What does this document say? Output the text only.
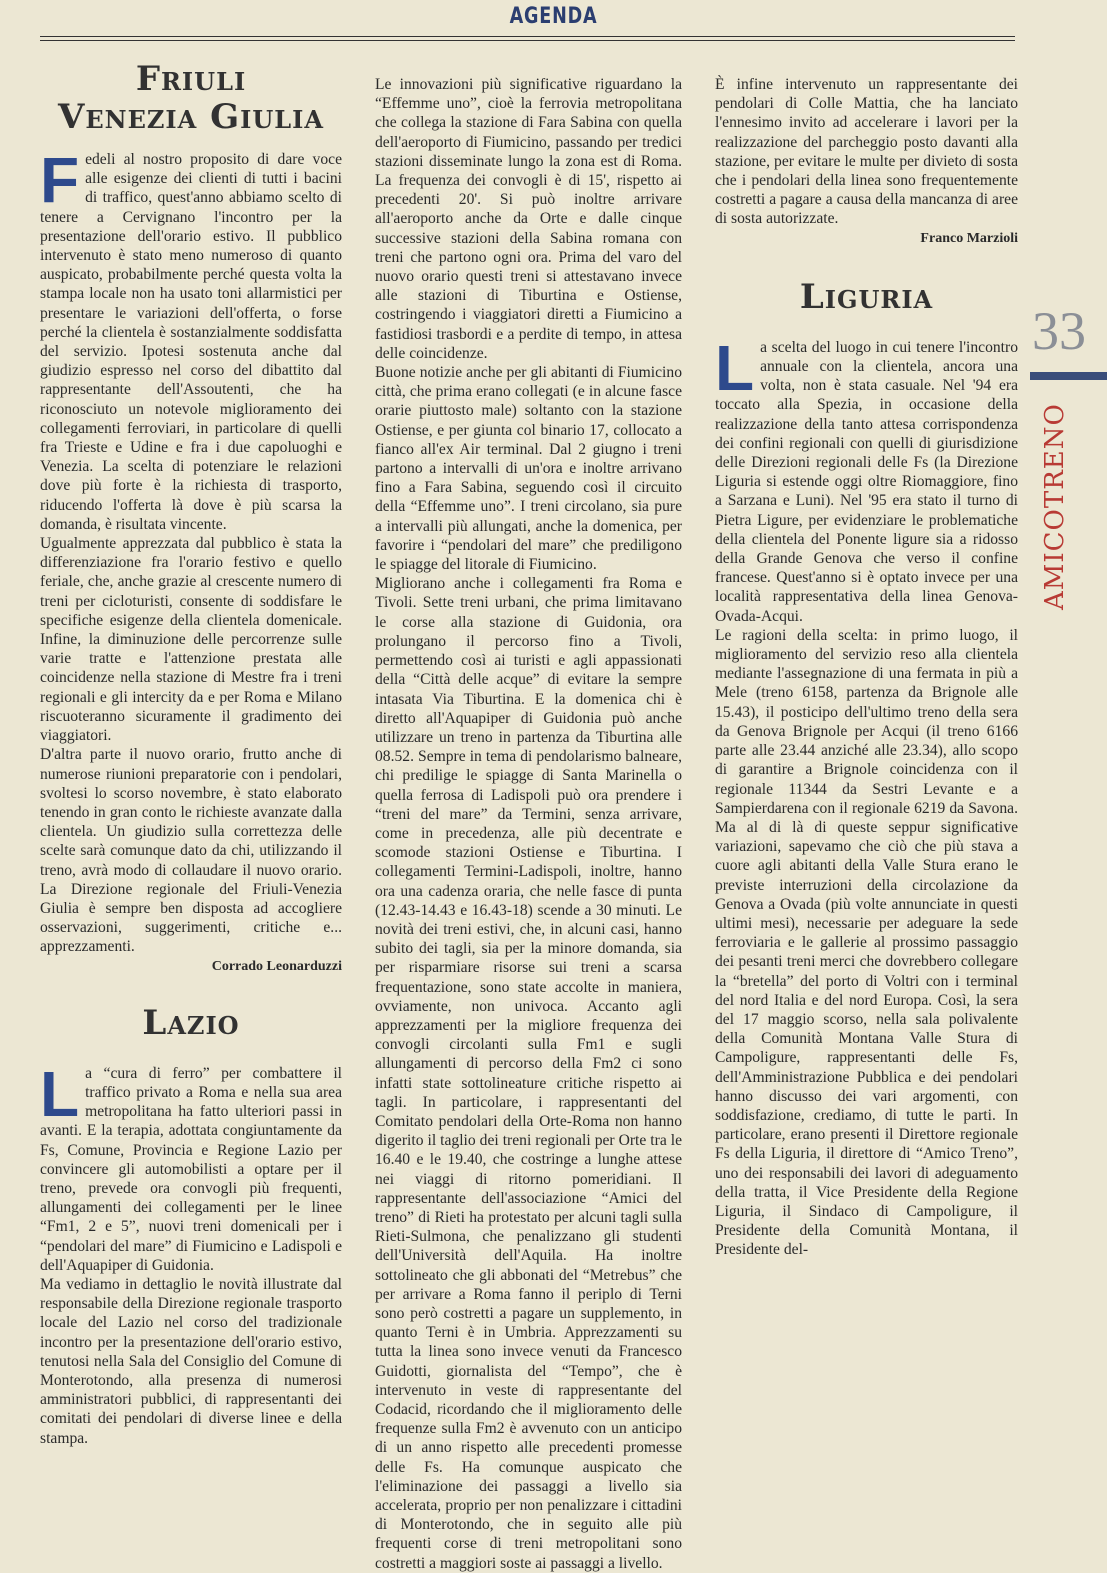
AGENDA
Friuli
Venezia Giulia

Fedeli al nostro proposito di dare voce alle esigenze dei clienti di tutti i bacini di traffico, quest'anno abbiamo scelto di tenere a Cervignano l'incontro per la presentazione dell'orario estivo. Il pubblico intervenuto è stato meno numeroso di quanto auspicato, probabilmente perché questa volta la stampa locale non ha usato toni allarmistici per presentare le variazioni dell'offerta, o forse perché la clientela è sostanzialmente soddisfatta del servizio. Ipotesi sostenuta anche dal giudizio espresso nel corso del dibattito dal rappresentante dell'Assoutenti, che ha riconosciuto un notevole miglioramento dei collegamenti ferroviari, in particolare di quelli fra Trieste e Udine e fra i due capoluoghi e Venezia. La scelta di potenziare le relazioni dove più forte è la richiesta di trasporto, riducendo l'offerta là dove è più scarsa la domanda, è risultata vincente.

Ugualmente apprezzata dal pubblico è stata la differenziazione fra l'orario festivo e quello feriale, che, anche grazie al crescente numero di treni per cicloturisti, consente di soddisfare le specifiche esigenze della clientela domenicale. Infine, la diminuzione delle percorrenze sulle varie tratte e l'attenzione prestata alle coincidenze nella stazione di Mestre fra i treni regionali e gli intercity da e per Roma e Milano riscuoteranno sicuramente il gradimento dei viaggiatori.

D'altra parte il nuovo orario, frutto anche di numerose riunioni preparatorie con i pendolari, svoltesi lo scorso novembre, è stato elaborato tenendo in gran conto le richieste avanzate dalla clientela. Un giudizio sulla correttezza delle scelte sarà comunque dato da chi, utilizzando il treno, avrà modo di collaudare il nuovo orario. La Direzione regionale del Friuli-Venezia Giulia è sempre ben disposta ad accogliere osservazioni, suggerimenti, critiche e... apprezzamenti.

Corrado Leonarduzzi

Lazio

La “cura di ferro” per combattere il traffico privato a Roma e nella sua area metropolitana ha fatto ulteriori passi in avanti. E la terapia, adottata congiuntamente da Fs, Comune, Provincia e Regione Lazio per convincere gli automobilisti a optare per il treno, prevede ora convogli più frequenti, allungamenti dei collegamenti per le linee “Fm1, 2 e 5”, nuovi treni domenicali per i “pendolari del mare” di Fiumicino e Ladispoli e dell'Aquapiper di Guidonia.

Ma vediamo in dettaglio le novità illustrate dal responsabile della Direzione regionale trasporto locale del Lazio nel corso del tradizionale incontro per la presentazione dell'orario estivo, tenutosi nella Sala del Consiglio del Comune di Monterotondo, alla presenza di numerosi amministratori pubblici, di rappresentanti dei comitati dei pendolari di diverse linee e della stampa.

Le innovazioni più significative riguardano la “Effemme uno”, cioè la ferrovia metropolitana che collega la stazione di Fara Sabina con quella dell'aeroporto di Fiumicino, passando per tredici stazioni disseminate lungo la zona est di Roma. La frequenza dei convogli è di 15', rispetto ai precedenti 20'. Si può inoltre arrivare all'aeroporto anche da Orte e dalle cinque successive stazioni della Sabina romana con treni che partono ogni ora. Prima del varo del nuovo orario questi treni si attestavano invece alle stazioni di Tiburtina e Ostiense, costringendo i viaggiatori diretti a Fiumicino a fastidiosi trasbordi e a perdite di tempo, in attesa delle coincidenze.

Buone notizie anche per gli abitanti di Fiumicino città, che prima erano collegati (e in alcune fasce orarie piuttosto male) soltanto con la stazione Ostiense, e per giunta col binario 17, collocato a fianco all'ex Air terminal. Dal 2 giugno i treni partono a intervalli di un'ora e inoltre arrivano fino a Fara Sabina, seguendo così il circuito della “Effemme uno”. I treni circolano, sia pure a intervalli più allungati, anche la domenica, per favorire i “pendolari del mare” che prediligono le spiagge del litorale di Fiumicino.

Migliorano anche i collegamenti fra Roma e Tivoli. Sette treni urbani, che prima limitavano le corse alla stazione di Guidonia, ora prolungano il percorso fino a Tivoli, permettendo così ai turisti e agli appassionati della “Città delle acque” di evitare la sempre intasata Via Tiburtina. E la domenica chi è diretto all'Aquapiper di Guidonia può anche utilizzare un treno in partenza da Tiburtina alle 08.52. Sempre in tema di pendolarismo balneare, chi predilige le spiagge di Santa Marinella o quella ferrosa di Ladispoli può ora prendere i “treni del mare” da Termini, senza arrivare, come in precedenza, alle più decentrate e scomode stazioni Ostiense e Tiburtina. I collegamenti Termini-Ladispoli, inoltre, hanno ora una cadenza oraria, che nelle fasce di punta (12.43-14.43 e 16.43-18) scende a 30 minuti. Le novità dei treni estivi, che, in alcuni casi, hanno subito dei tagli, sia per la minore domanda, sia per risparmiare risorse sui treni a scarsa frequentazione, sono state accolte in maniera, ovviamente, non univoca. Accanto agli apprezzamenti per la migliore frequenza dei convogli circolanti sulla Fm1 e sugli allungamenti di percorso della Fm2 ci sono infatti state sottolineature critiche rispetto ai tagli. In particolare, i rappresentanti del Comitato pendolari della Orte-Roma non hanno digerito il taglio dei treni regionali per Orte tra le 16.40 e le 19.40, che costringe a lunghe attese nei viaggi di ritorno pomeridiani. Il rappresentante dell'associazione “Amici del treno” di Rieti ha protestato per alcuni tagli sulla Rieti-Sulmona, che penalizzano gli studenti dell'Università dell'Aquila. Ha inoltre sottolineato che gli abbonati del “Metrebus” che per arrivare a Roma fanno il periplo di Terni sono però costretti a pagare un supplemento, in quanto Terni è in Umbria. Apprezzamenti su tutta la linea sono invece venuti da Francesco Guidotti, giornalista del “Tempo”, che è intervenuto in veste di rappresentante del Codacid, ricordando che il miglioramento delle frequenze sulla Fm2 è avvenuto con un anticipo di un anno rispetto alle precedenti promesse delle Fs. Ha comunque auspicato che l'eliminazione dei passaggi a livello sia accelerata, proprio per non penalizzare i cittadini di Monterotondo, che in seguito alle più frequenti corse di treni metropolitani sono costretti a maggiori soste ai passaggi a livello.

È infine intervenuto un rappresentante dei pendolari di Colle Mattia, che ha lanciato l'ennesimo invito ad accelerare i lavori per la realizzazione del parcheggio posto davanti alla stazione, per evitare le multe per divieto di sosta che i pendolari della linea sono frequentemente costretti a pagare a causa della mancanza di aree di sosta autorizzate.

Franco Marzioli

Liguria

La scelta del luogo in cui tenere l'incontro annuale con la clientela, ancora una volta, non è stata casuale. Nel '94 era toccato alla Spezia, in occasione della realizzazione della tanto attesa corrispondenza dei confini regionali con quelli di giurisdizione delle Direzioni regionali delle Fs (la Direzione Liguria si estende oggi oltre Riomaggiore, fino a Sarzana e Luni). Nel '95 era stato il turno di Pietra Ligure, per evidenziare le problematiche della clientela del Ponente ligure sia a ridosso della Grande Genova che verso il confine francese. Quest'anno si è optato invece per una località rappresentativa della linea Genova-Ovada-Acqui.

Le ragioni della scelta: in primo luogo, il miglioramento del servizio reso alla clientela mediante l'assegnazione di una fermata in più a Mele (treno 6158, partenza da Brignole alle 15.43), il posticipo dell'ultimo treno della sera da Genova Brignole per Acqui (il treno 6166 parte alle 23.44 anziché alle 23.34), allo scopo di garantire a Brignole coincidenza con il regionale 11344 da Sestri Levante e a Sampierdarena con il regionale 6219 da Savona. Ma al di là di queste seppur significative variazioni, sapevamo che ciò che più stava a cuore agli abitanti della Valle Stura erano le previste interruzioni della circolazione da Genova a Ovada (più volte annunciate in questi ultimi mesi), necessarie per adeguare la sede ferroviaria e le gallerie al prossimo passaggio dei pesanti treni merci che dovrebbero collegare la “bretella” del porto di Voltri con i terminal del nord Italia e del nord Europa. Così, la sera del 17 maggio scorso, nella sala polivalente della Comunità Montana Valle Stura di Campoligure, rappresentanti delle Fs, dell'Amministrazione Pubblica e dei pendolari hanno discusso dei vari argomenti, con soddisfazione, crediamo, di tutte le parti. In particolare, erano presenti il Direttore regionale Fs della Liguria, il direttore di “Amico Treno”, uno dei responsabili dei lavori di adeguamento della tratta, il Vice Presidente della Regione Liguria, il Sindaco di Campoligure, il Presidente della Comunità Montana, il Presidente del-

33
AMICOTRENO
